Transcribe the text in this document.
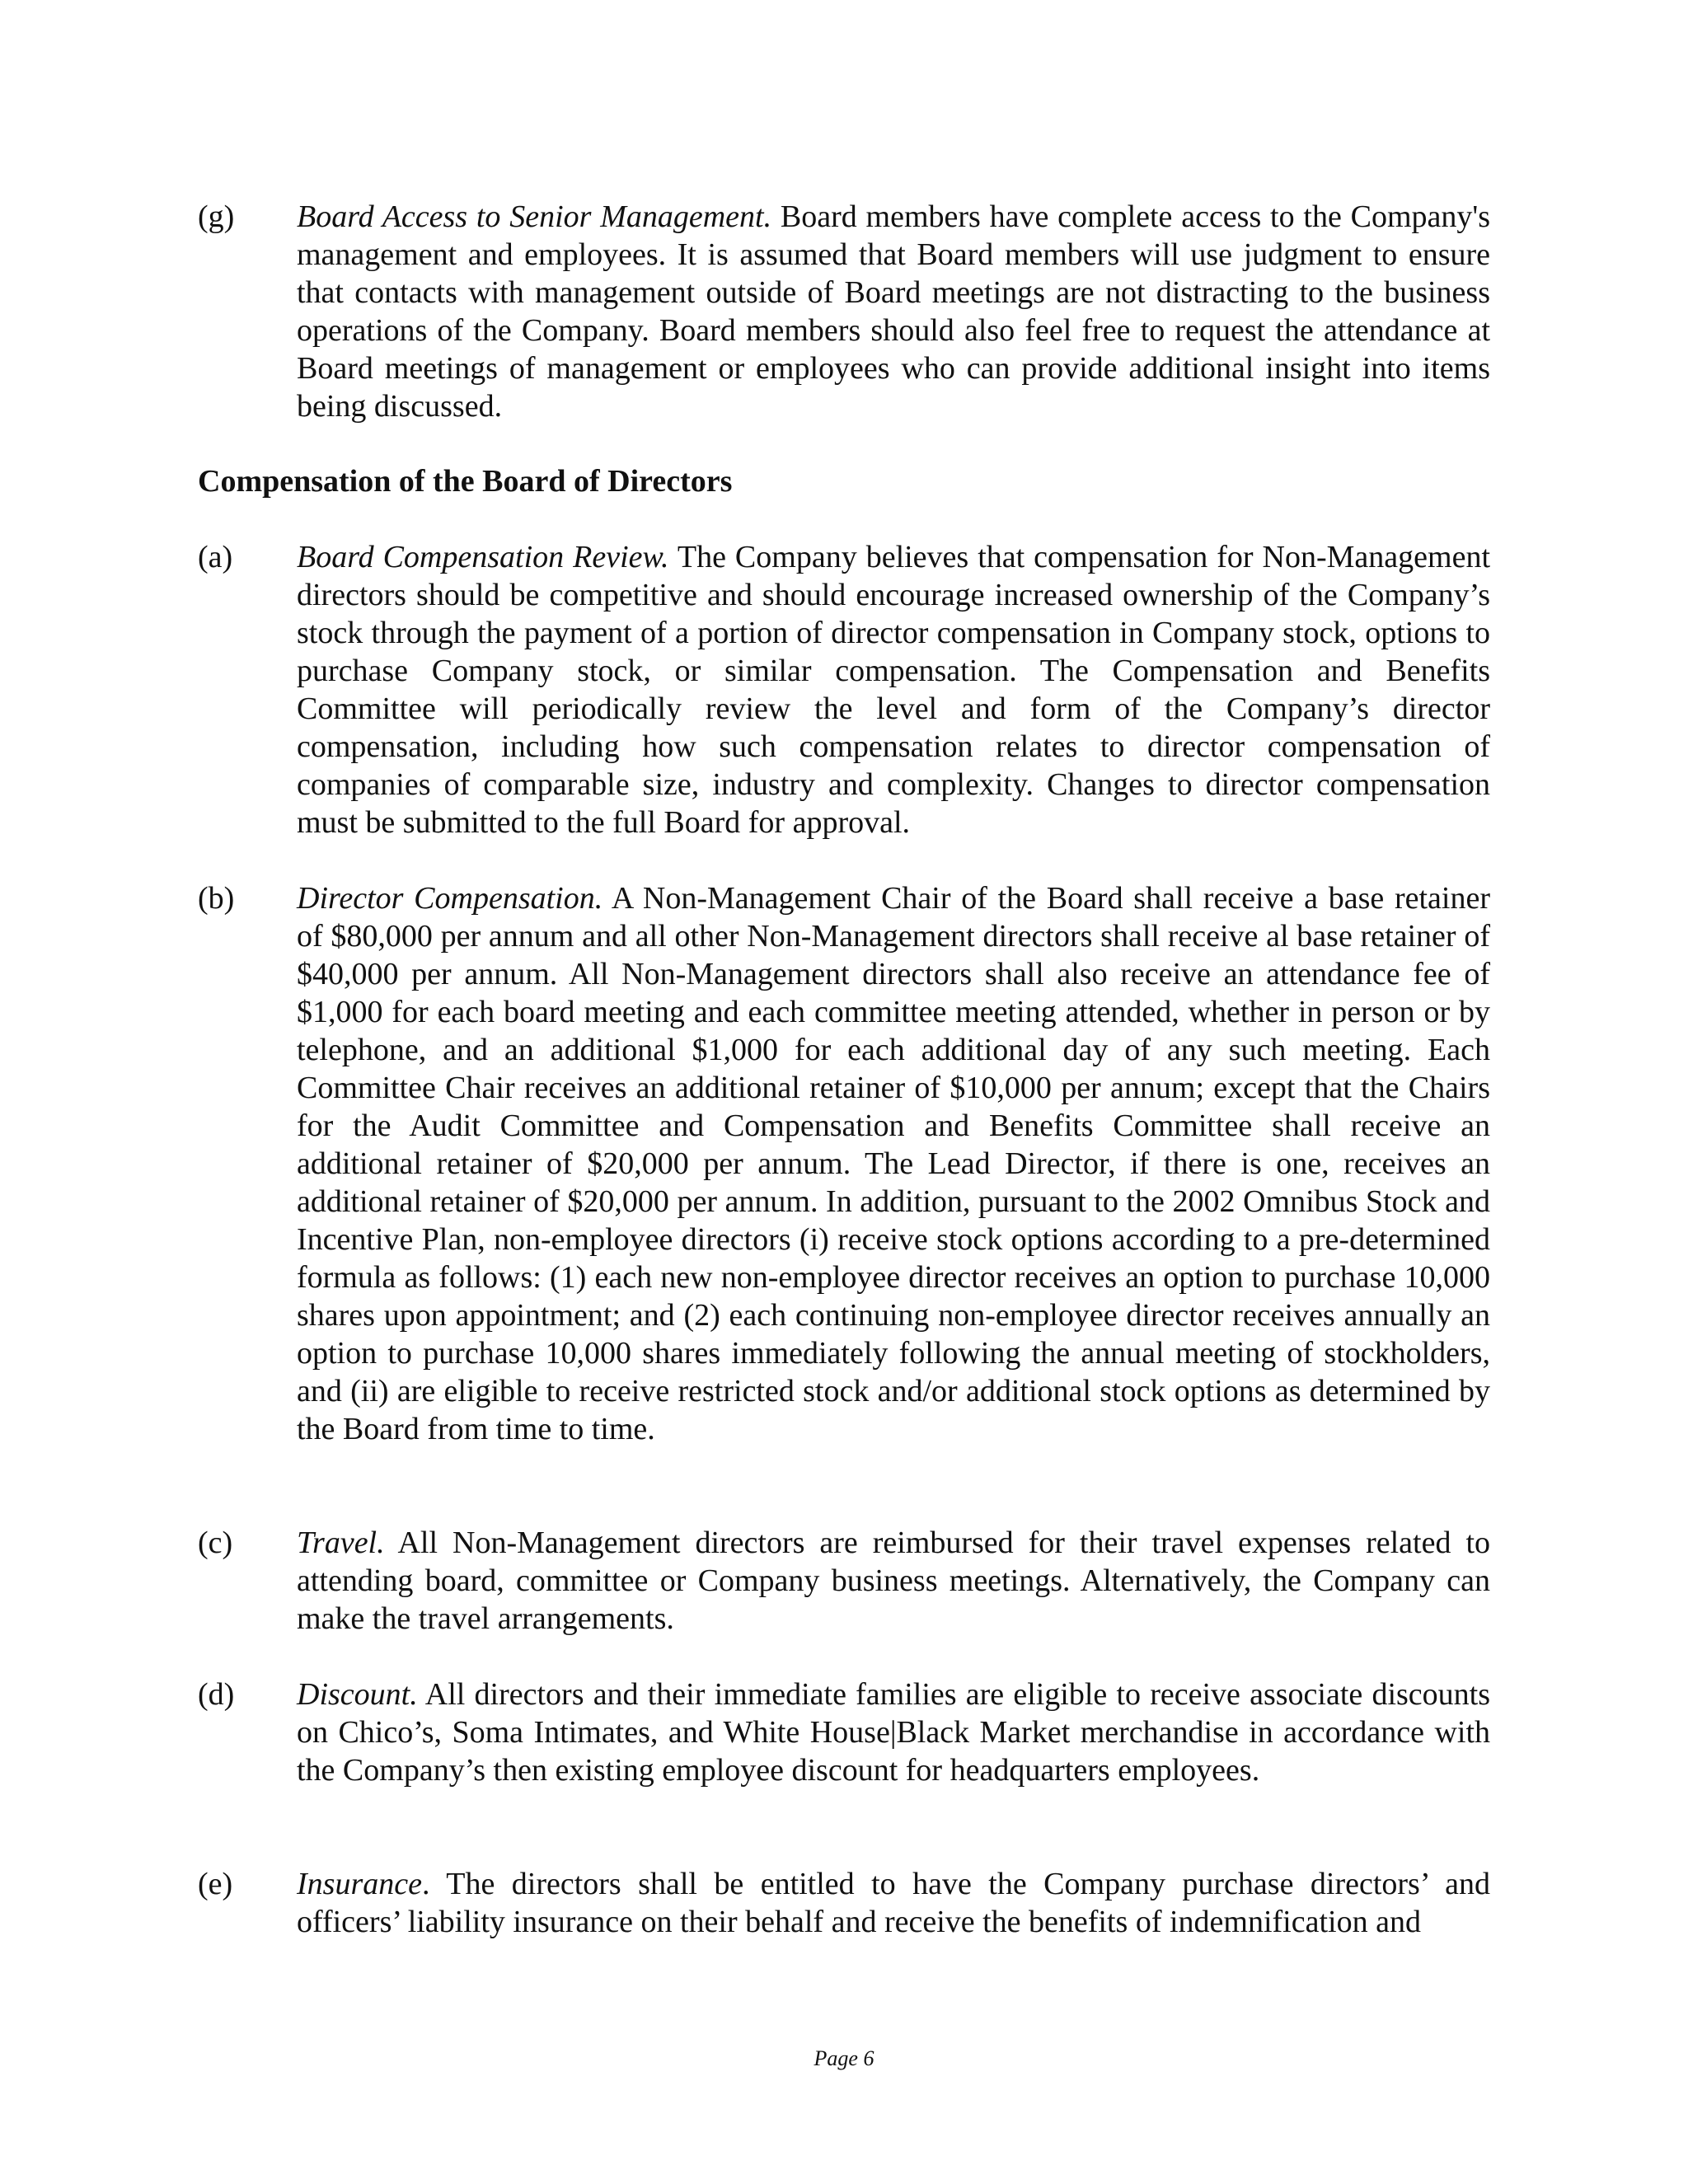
(g) Board Access to Senior Management. Board members have complete access to the Company's management and employees. It is assumed that Board members will use judgment to ensure that contacts with management outside of Board meetings are not distracting to the business operations of the Company. Board members should also feel free to request the attendance at Board meetings of management or employees who can provide additional insight into items being discussed.

Compensation of the Board of Directors
(a) Board Compensation Review. The Company believes that compensation for Non-Management directors should be competitive and should encourage increased ownership of the Company’s stock through the payment of a portion of director compensation in Company stock, options to purchase Company stock, or similar compensation. The Compensation and Benefits Committee will periodically review the level and form of the Company’s director compensation, including how such compensation relates to director compensation of companies of comparable size, industry and complexity. Changes to director compensation must be submitted to the full Board for approval.

(b) Director Compensation. A Non-Management Chair of the Board shall receive a base retainer of $80,000 per annum and all other Non-Management directors shall receive al base retainer of $40,000 per annum. All Non-Management directors shall also receive an attendance fee of $1,000 for each board meeting and each committee meeting attended, whether in person or by telephone, and an additional $1,000 for each additional day of any such meeting. Each Committee Chair receives an additional retainer of $10,000 per annum; except that the Chairs for the Audit Committee and Compensation and Benefits Committee shall receive an additional retainer of $20,000 per annum. The Lead Director, if there is one, receives an additional retainer of $20,000 per annum. In addition, pursuant to the 2002 Omnibus Stock and Incentive Plan, non-employee directors (i) receive stock options according to a pre-determined formula as follows: (1) each new non-employee director receives an option to purchase 10,000 shares upon appointment; and (2) each continuing non-employee director receives annually an option to purchase 10,000 shares immediately following the annual meeting of stockholders, and (ii) are eligible to receive restricted stock and/or additional stock options as determined by the Board from time to time.

(c) Travel. All Non-Management directors are reimbursed for their travel expenses related to attending board, committee or Company business meetings. Alternatively, the Company can make the travel arrangements.

(d) Discount. All directors and their immediate families are eligible to receive associate discounts on Chico’s, Soma Intimates, and White House|Black Market merchandise in accordance with the Company’s then existing employee discount for headquarters employees.

(e) Insurance. The directors shall be entitled to have the Company purchase directors’ and officers’ liability insurance on their behalf and receive the benefits of indemnification and

Page 6
